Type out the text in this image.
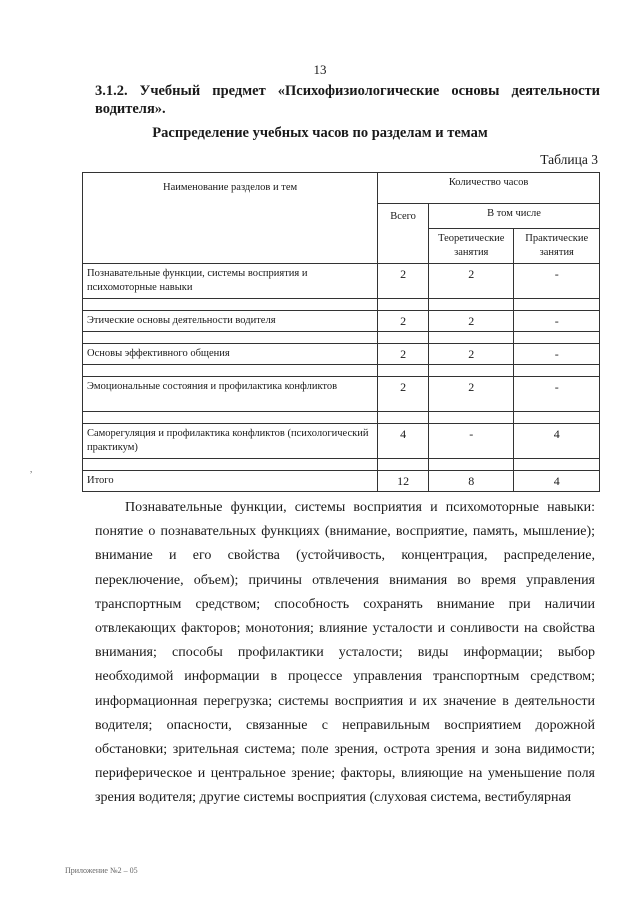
13
3.1.2. Учебный предмет «Психофизиологические основы деятельности
водителя».
Распределение учебных часов по разделам и темам
Таблица 3
Наименование разделов и тем	Количество часов		
	Всего	В том числе	
		Теоретические занятия	Практические занятия
Познавательные функции, системы восприятия и психомоторные навыки	2	2	-

Этические основы деятельности водителя	2	2	-

Основы эффективного общения	2	2	-

Эмоциональные состояния и профилактика конфликтов	2	2	-

Саморегуляция и профилактика конфликтов (психологический практикум)	4	-	4

Итого	12	8	4
,

Познавательные функции, системы восприятия и психомоторные навыки: понятие о познавательных функциях (внимание, восприятие, память, мышление); внимание и его свойства (устойчивость, концентрация, распределение, переключение, объем); причины отвлечения внимания во время управления транспортным средством; способность сохранять внимание при наличии отвлекающих факторов; монотония; влияние усталости и сонливости на свойства внимания; способы профилактики усталости; виды информации; выбор необходимой информации в процессе управления транспортным средством; информационная перегрузка; системы восприятия и их значение в деятельности водителя; опасности, связанные с неправильным восприятием дорожной обстановки; зрительная система; поле зрения, острота зрения и зона видимости; периферическое и центральное зрение; факторы, влияющие на уменьшение поля зрения водителя; другие системы восприятия (слуховая система, вестибулярная

Приложение №2 – 05
